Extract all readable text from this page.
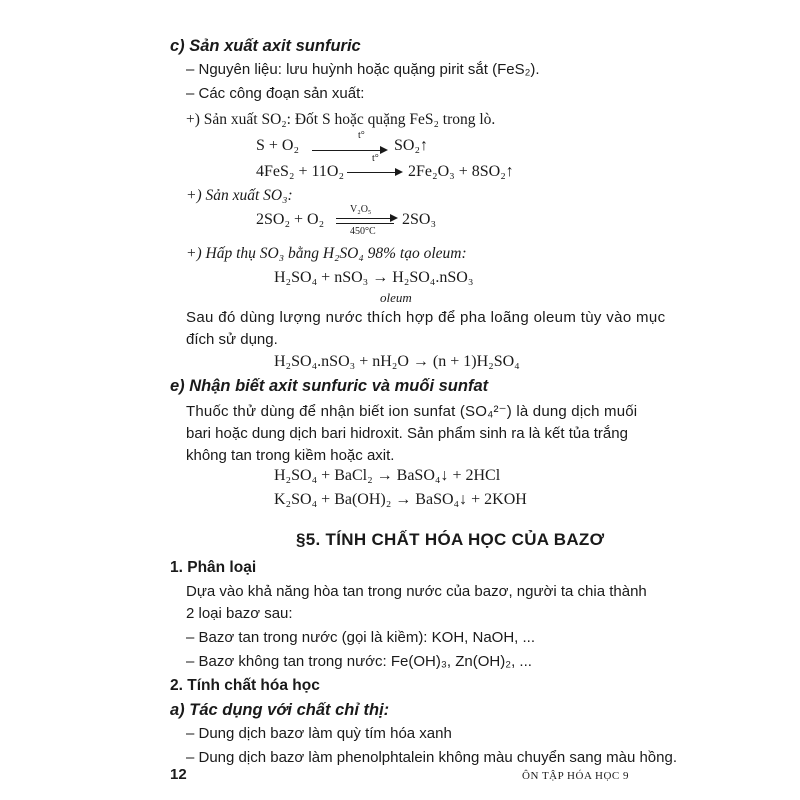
c) Sản xuất axit sunfuric
– Nguyên liệu: lưu huỳnh hoặc quặng pirit sắt (FeS₂).
– Các công đoạn sản xuất:
+) Sản xuất SO₂: Đốt S hoặc quặng FeS₂ trong lò.
S + O₂
t°
SO₂↑
4FeS₂ + 11O₂
t°
2Fe₂O₃ + 8SO₂↑
+) Sản xuất SO₃:
2SO₂ + O₂
V₂O₅
450°C
2SO₃
+) Hấp thụ SO₃ bằng H₂SO₄ 98% tạo oleum:
H₂SO₄ + nSO₃ → H₂SO₄.nSO₃
oleum
Sau đó dùng lượng nước thích hợp để pha loãng oleum tùy vào mục
đích sử dụng.
H₂SO₄.nSO₃ + nH₂O → (n + 1)H₂SO₄
e) Nhận biết axit sunfuric và muối sunfat
Thuốc thử dùng để nhận biết ion sunfat (SO₄²⁻) là dung dịch muối
bari hoặc dung dịch bari hidroxit. Sản phẩm sinh ra là kết tủa trắng
không tan trong kiềm hoặc axit.
H₂SO₄ + BaCl₂ → BaSO₄↓ + 2HCl
K₂SO₄ + Ba(OH)₂ → BaSO₄↓ + 2KOH
§5. TÍNH CHẤT HÓA HỌC CỦA BAZƠ
1. Phân loại
Dựa vào khả năng hòa tan trong nước của bazơ, người ta chia thành
2 loại bazơ sau:
– Bazơ tan trong nước (gọi là kiềm): KOH, NaOH, ...
– Bazơ không tan trong nước: Fe(OH)₃, Zn(OH)₂, ...
2. Tính chất hóa học
a) Tác dụng với chất chỉ thị:
– Dung dịch bazơ làm quỳ tím hóa xanh
– Dung dịch bazơ làm phenolphtalein không màu chuyển sang màu hồng.
12	ÔN TẬP HÓA HỌC 9
